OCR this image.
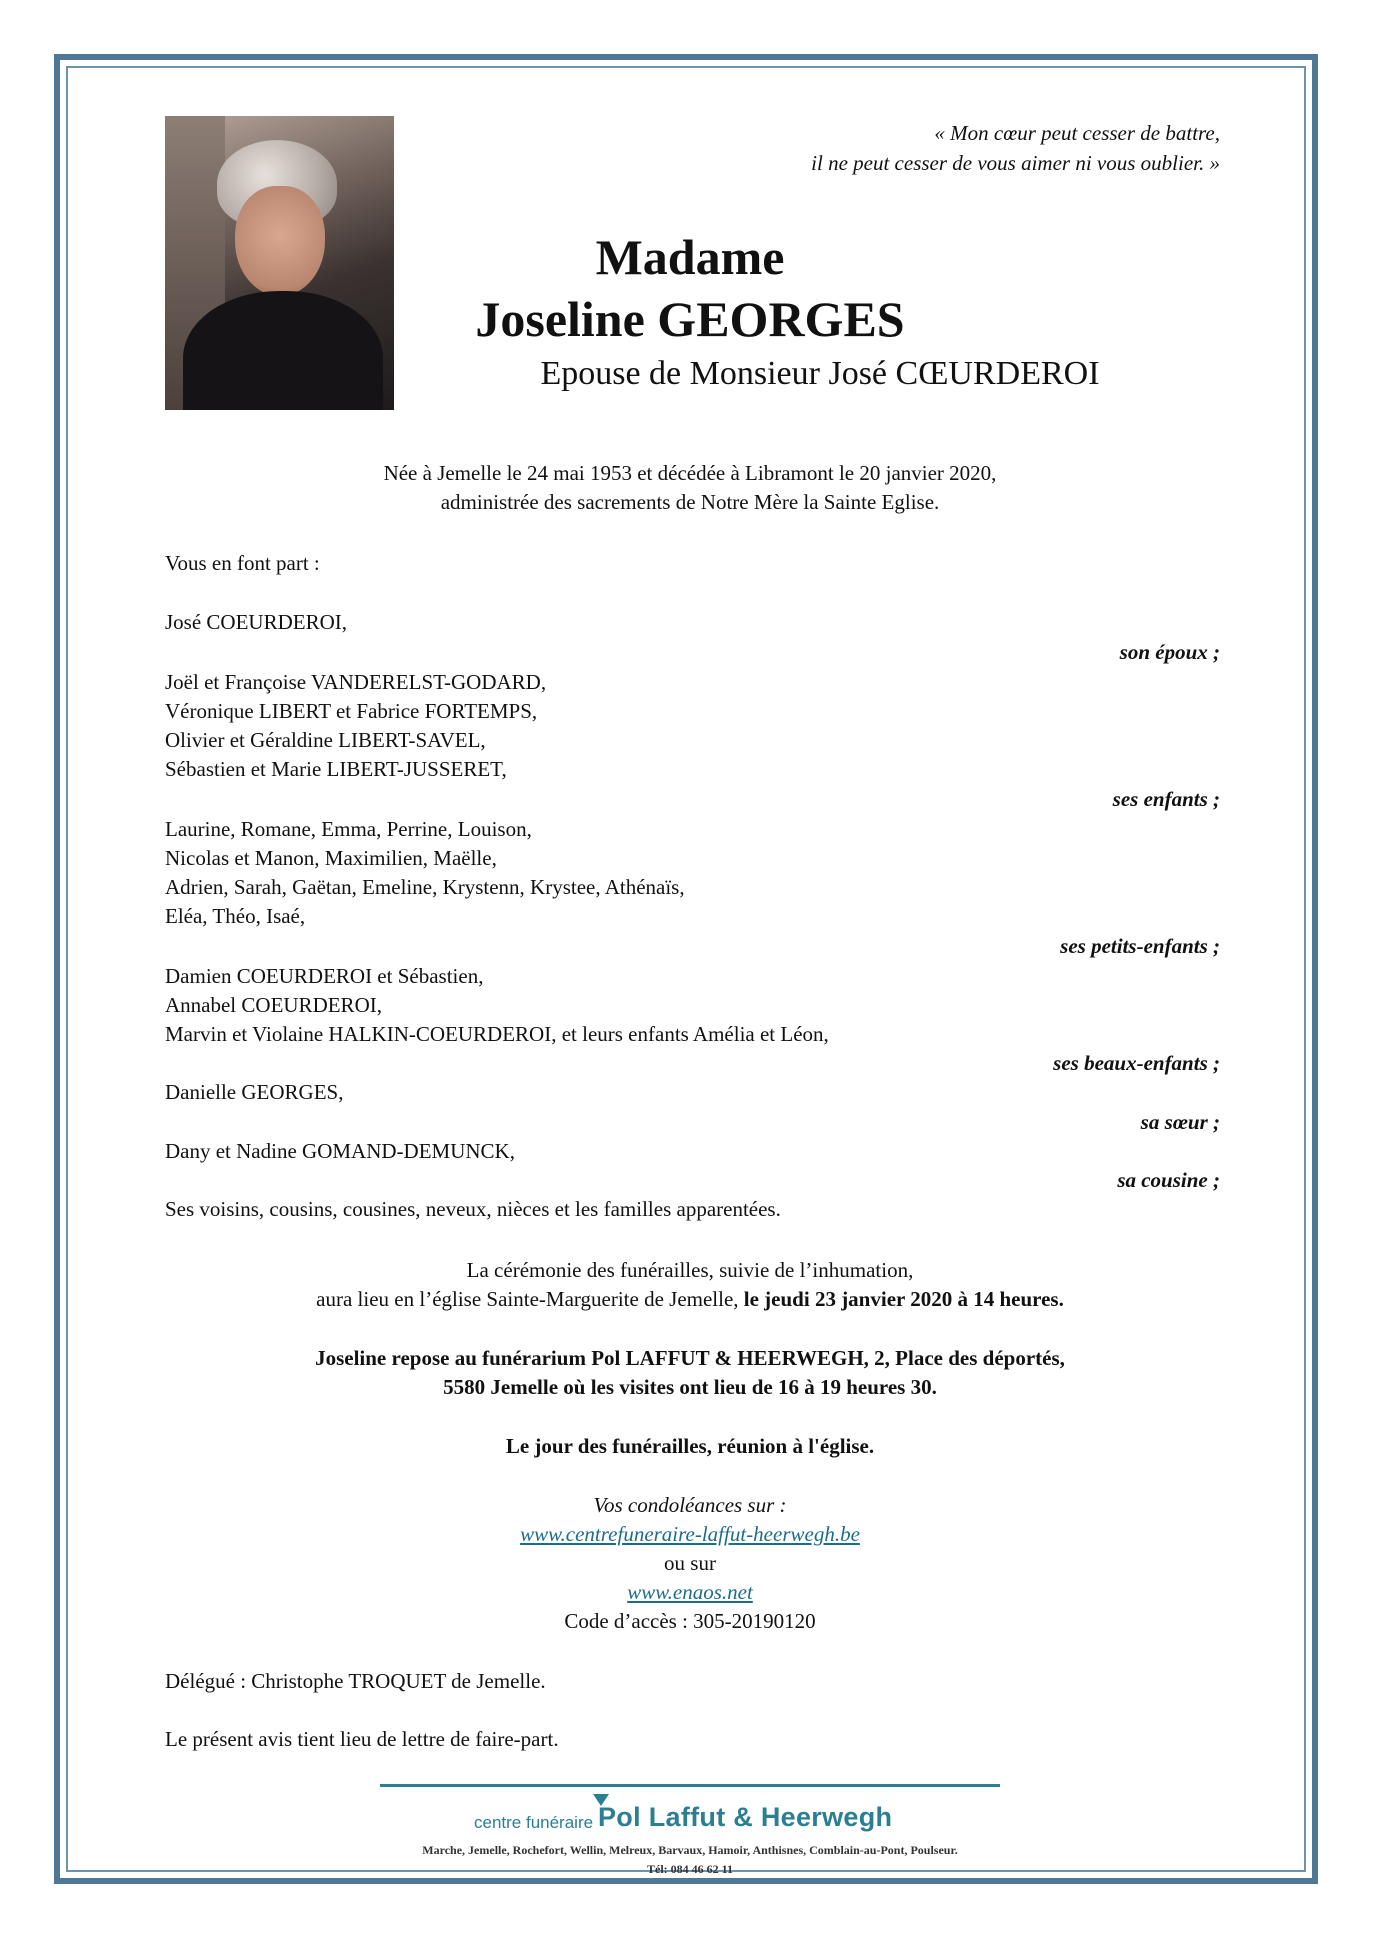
« Mon cœur peut cesser de battre,
il ne peut cesser de vous aimer ni vous oublier. »
Madame
Joseline GEORGES
Epouse de Monsieur José CŒURDEROI
Née à Jemelle le 24 mai 1953 et décédée à Libramont le 20 janvier 2020,
administrée des sacrements de Notre Mère la Sainte Eglise.
Vous en font part :
José COEURDEROI,
son époux ;
Joël et Françoise VANDERELST-GODARD,
Véronique LIBERT et Fabrice FORTEMPS,
Olivier et Géraldine LIBERT-SAVEL,
Sébastien et Marie LIBERT-JUSSERET,
ses enfants ;
Laurine, Romane, Emma, Perrine, Louison,
Nicolas et Manon, Maximilien, Maëlle,
Adrien, Sarah, Gaëtan, Emeline, Krystenn, Krystee, Athénaïs,
Eléa, Théo, Isaé,
ses petits-enfants ;
Damien COEURDEROI et Sébastien,
Annabel COEURDEROI,
Marvin et Violaine HALKIN-COEURDEROI, et leurs enfants Amélia et Léon,
ses beaux-enfants ;
Danielle GEORGES,
sa sœur ;
Dany et Nadine GOMAND-DEMUNCK,
sa cousine ;
Ses voisins, cousins, cousines, neveux, nièces et les familles apparentées.
La cérémonie des funérailles, suivie de l’inhumation,
aura lieu en l’église Sainte-Marguerite de Jemelle, le jeudi 23 janvier 2020 à 14 heures.
Joseline repose au funérarium Pol LAFFUT & HEERWEGH, 2, Place des déportés,
5580 Jemelle où les visites ont lieu de 16 à 19 heures 30.
Le jour des funérailles, réunion à l'église.
Vos condoléances sur :
www.centrefuneraire-laffut-heerwegh.be
ou sur
www.enaos.net
Code d’accès : 305-20190120
Délégué : Christophe TROQUET de Jemelle.
Le présent avis tient lieu de lettre de faire-part.
centre funéraire Pol Laffut & Heerwegh
Marche, Jemelle, Rochefort, Wellin, Melreux, Barvaux, Hamoir, Anthisnes, Comblain-au-Pont, Poulseur.
Tél: 084 46 62 11
